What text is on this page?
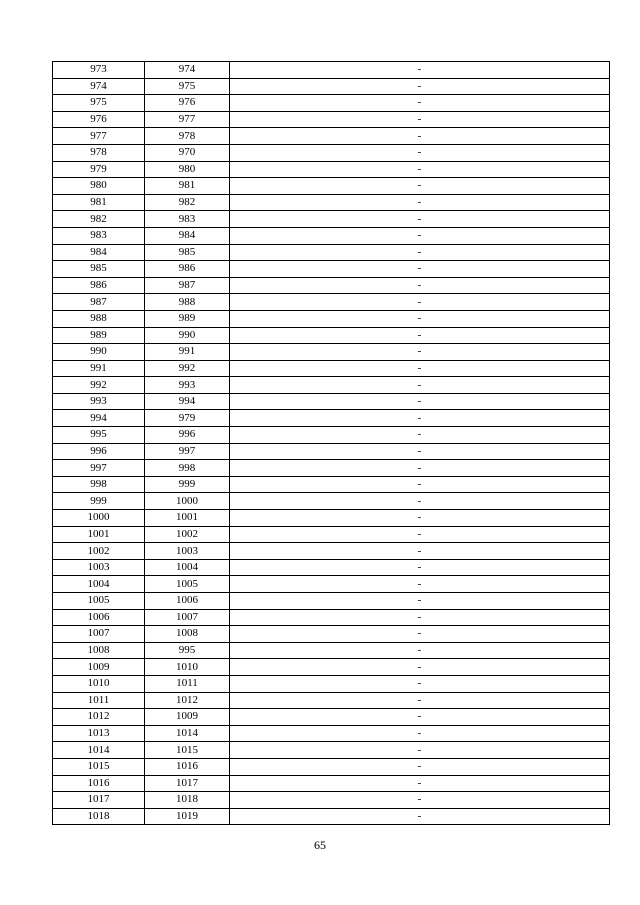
973	974	-
974	975	-
975	976	-
976	977	-
977	978	-
978	970	-
979	980	-
980	981	-
981	982	-
982	983	-
983	984	-
984	985	-
985	986	-
986	987	-
987	988	-
988	989	-
989	990	-
990	991	-
991	992	-
992	993	-
993	994	-
994	979	-
995	996	-
996	997	-
997	998	-
998	999	-
999	1000	-
1000	1001	-
1001	1002	-
1002	1003	-
1003	1004	-
1004	1005	-
1005	1006	-
1006	1007	-
1007	1008	-
1008	995	-
1009	1010	-
1010	1011	-
1011	1012	-
1012	1009	-
1013	1014	-
1014	1015	-
1015	1016	-
1016	1017	-
1017	1018	-
1018	1019	-
65
